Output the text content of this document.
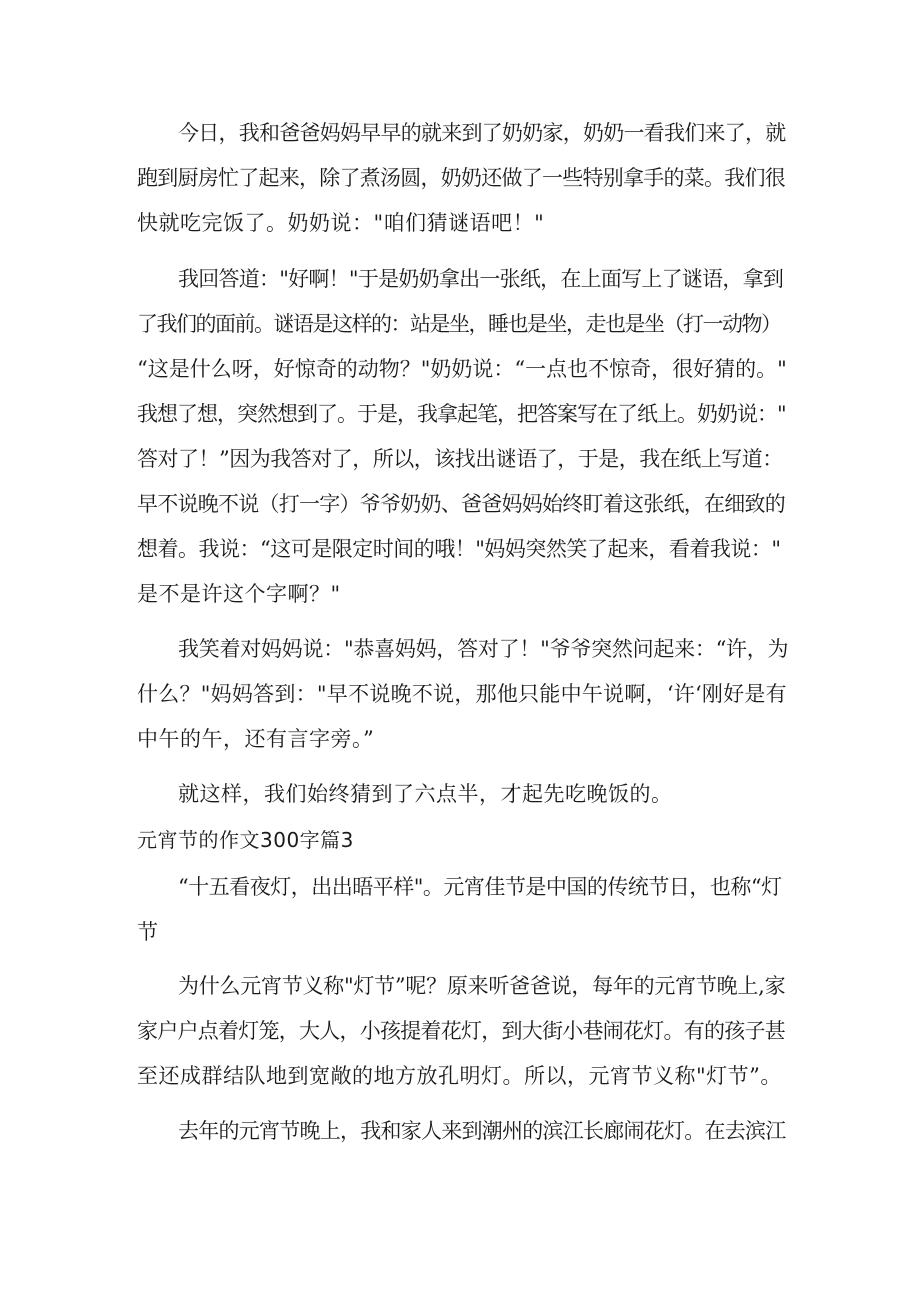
今日，我和爸爸妈妈早早的就来到了奶奶家，奶奶一看我们来了，就
跑到厨房忙了起来，除了煮汤圆，奶奶还做了一些特别拿手的菜。我们很
快就吃完饭了。奶奶说："咱们猜谜语吧！"
我回答道："好啊！"于是奶奶拿出一张纸，在上面写上了谜语，拿到
了我们的面前。谜语是这样的：站是坐，睡也是坐，走也是坐（打一动物）
“这是什么呀，好惊奇的动物？"奶奶说：“一点也不惊奇，很好猜的。"
我想了想，突然想到了。于是，我拿起笔，把答案写在了纸上。奶奶说："
答对了！”因为我答对了，所以，该找出谜语了，于是，我在纸上写道：
早不说晚不说（打一字）爷爷奶奶、爸爸妈妈始终盯着这张纸，在细致的
想着。我说：“这可是限定时间的哦！"妈妈突然笑了起来，看着我说："
是不是许这个字啊？"
我笑着对妈妈说："恭喜妈妈，答对了！"爷爷突然问起来：“许，为
什么？"妈妈答到："早不说晚不说，那他只能中午说啊，‘许‘刚好是有
中午的午，还有言字旁。”
就这样，我们始终猜到了六点半，才起先吃晚饭的。
元宵节的作文300字篇3
“十五看夜灯，出出晤平样"。元宵佳节是中国的传统节日，也称“灯
节
为什么元宵节义称"灯节”呢？原来听爸爸说，每年的元宵节晚上,家
家户户点着灯笼，大人，小孩提着花灯，到大街小巷闹花灯。有的孩子甚
至还成群结队地到宽敞的地方放孔明灯。所以，元宵节义称"灯节”。
去年的元宵节晚上，我和家人来到潮州的滨江长廊闹花灯。在去滨江
